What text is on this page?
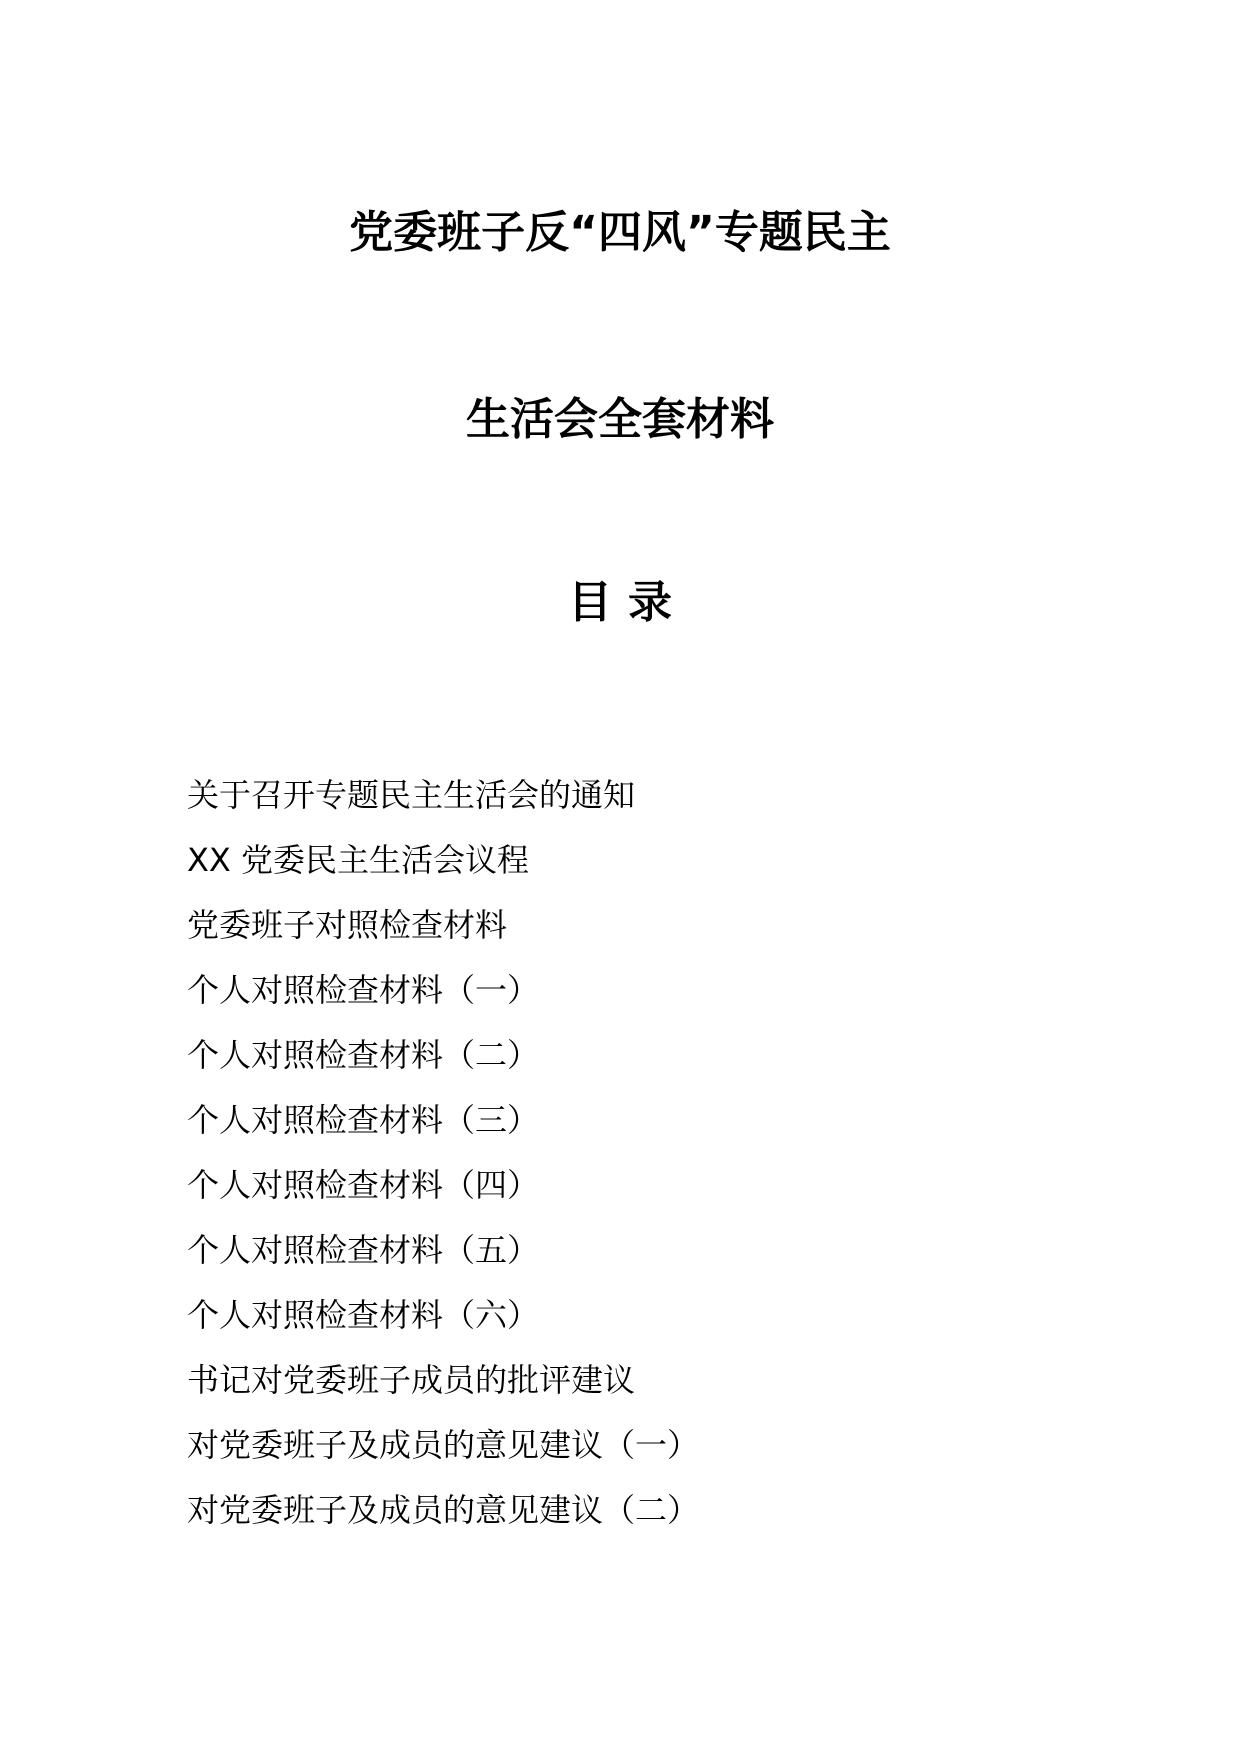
党委班子反“四风”专题民主
生活会全套材料
目录
关于召开专题民主生活会的通知
XX 党委民主生活会议程
党委班子对照检查材料
个人对照检查材料（一）
个人对照检查材料（二）
个人对照检查材料（三）
个人对照检查材料（四）
个人对照检查材料（五）
个人对照检查材料（六）
书记对党委班子成员的批评建议
对党委班子及成员的意见建议（一）
对党委班子及成员的意见建议（二）
